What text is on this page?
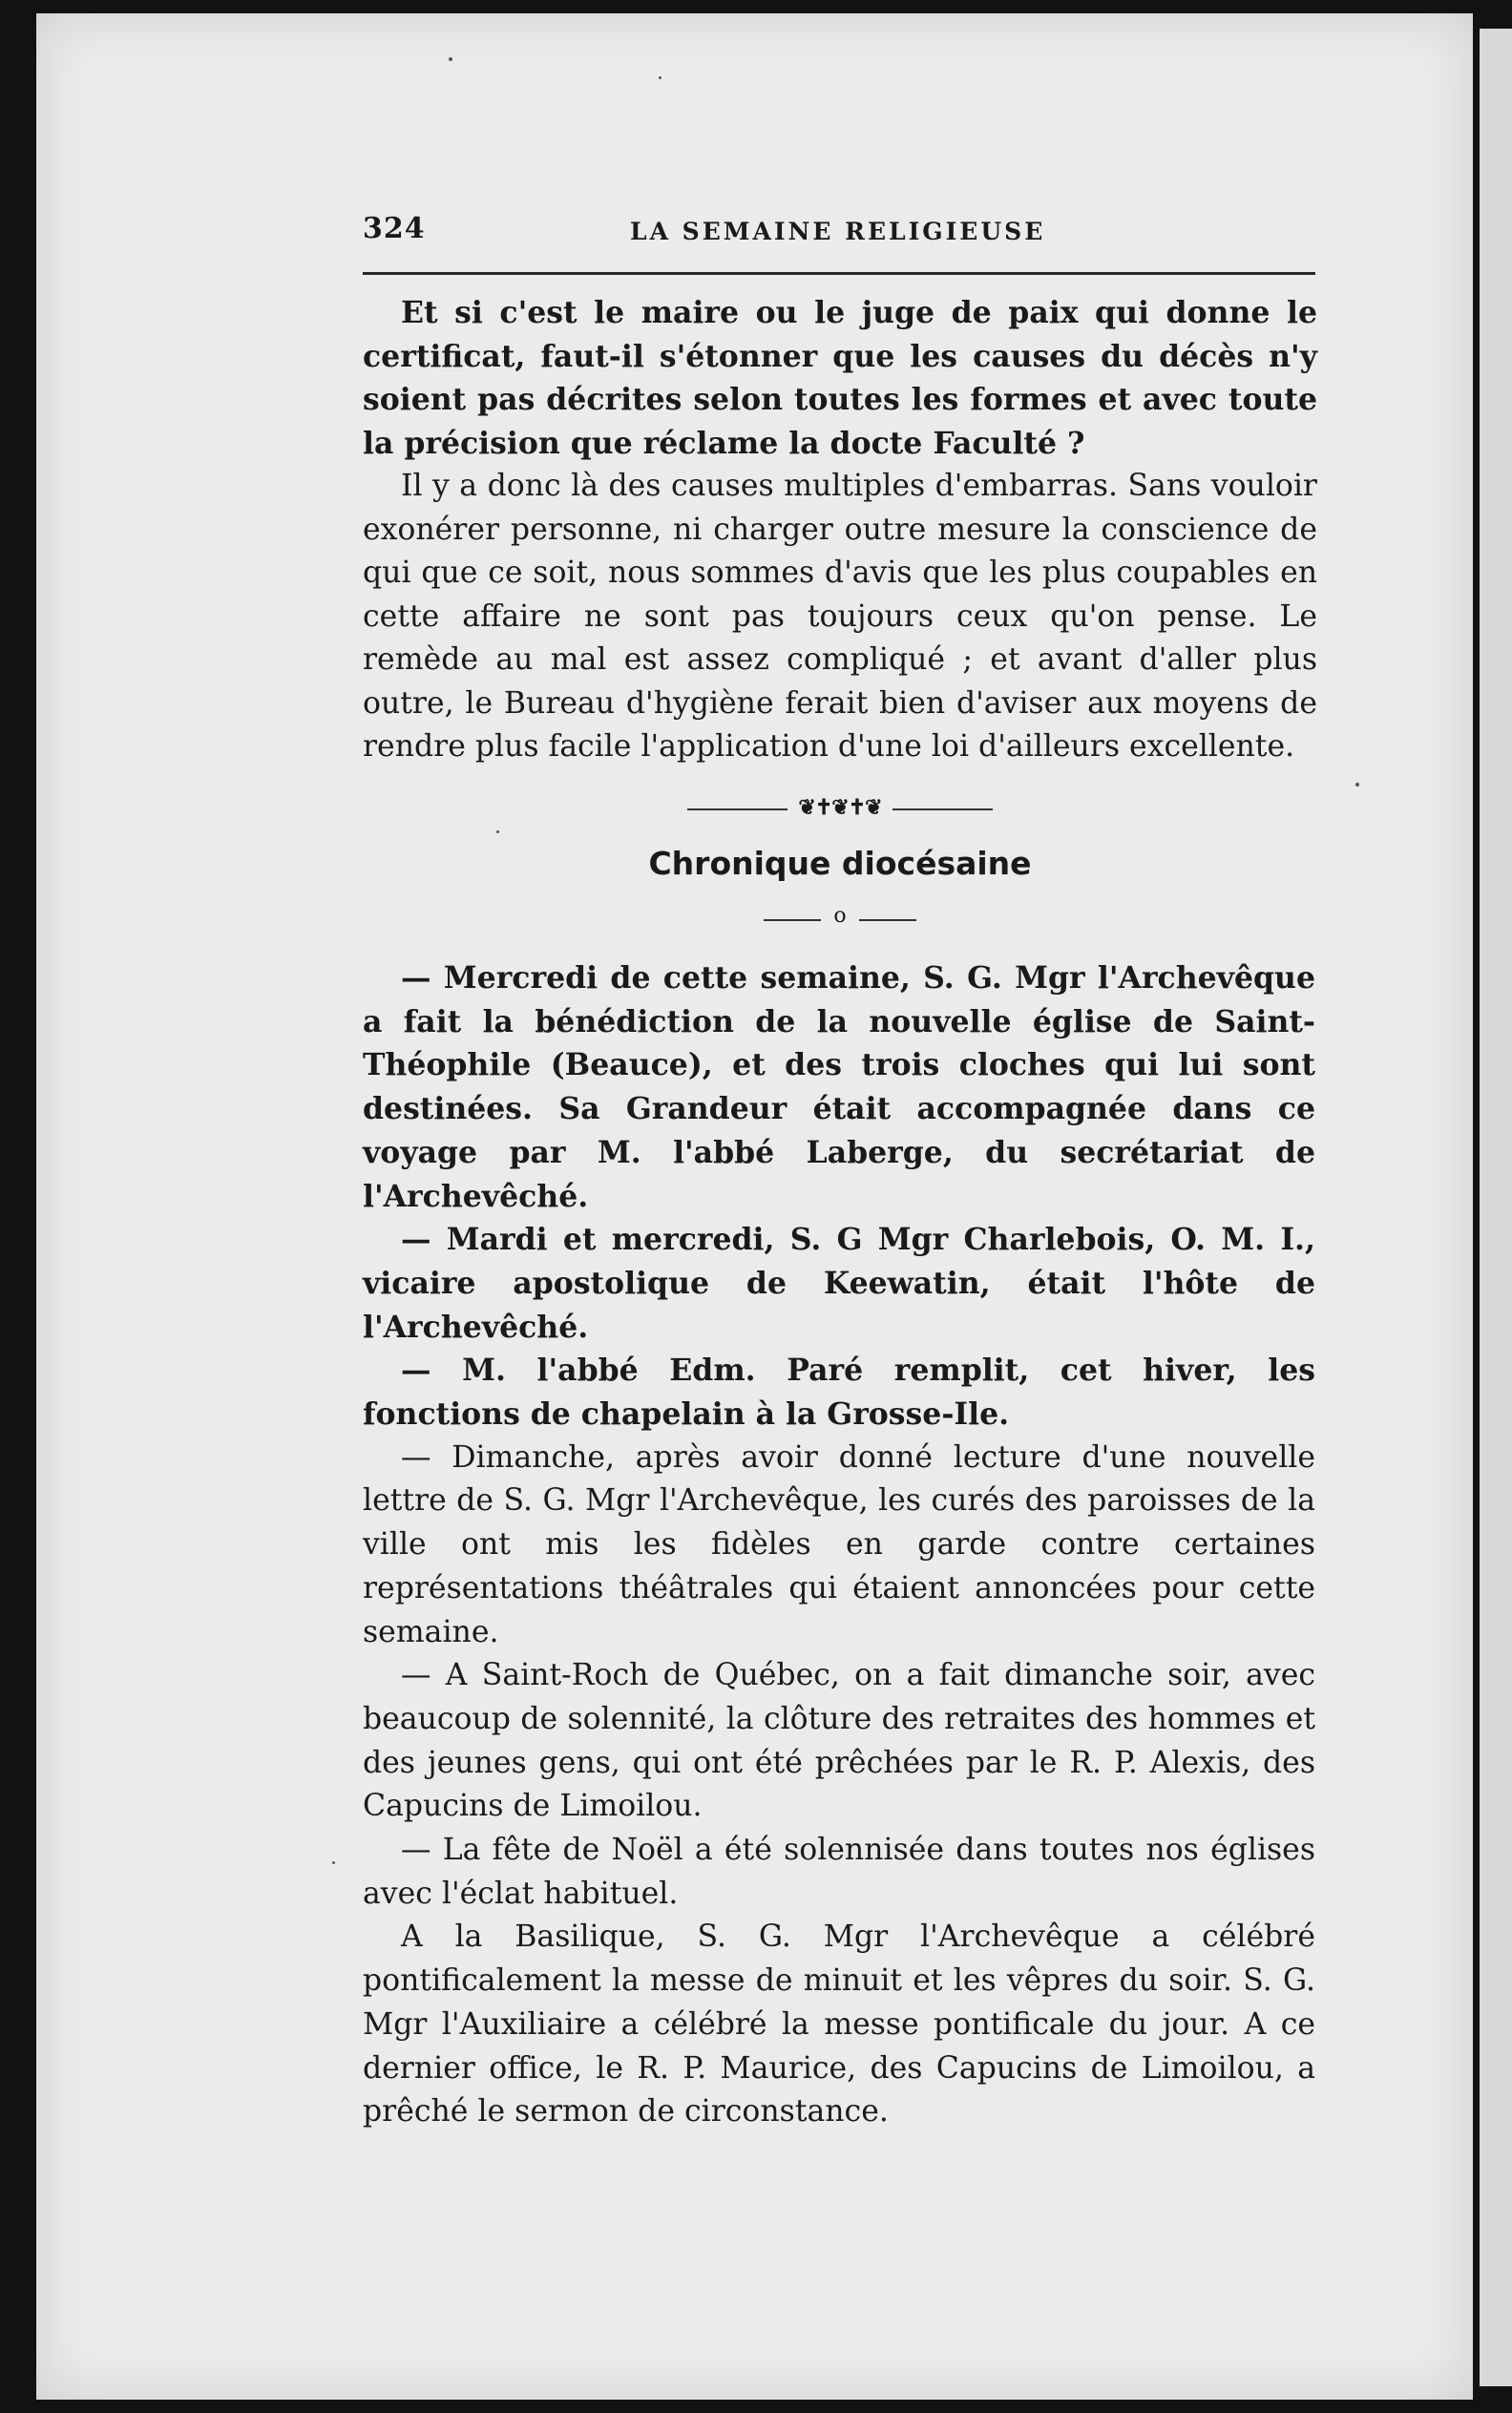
324	LA SEMAINE RELIGIEUSE

Et si c'est le maire ou le juge de paix qui donne le certificat, faut-il s'étonner que les causes du décès n'y soient pas décrites selon toutes les formes et avec toute la précision que réclame la docte Faculté ?

Il y a donc là des causes multiples d'embarras. Sans vouloir exonérer personne, ni charger outre mesure la conscience de qui que ce soit, nous sommes d'avis que les plus coupables en cette affaire ne sont pas toujours ceux qu'on pense. Le remède au mal est assez compliqué ; et avant d'aller plus outre, le Bureau d'hygiène ferait bien d'aviser aux moyens de rendre plus facile l'application d'une loi d'ailleurs excellente.

❦✝❦✝❦
Chronique diocésaine
o

— Mercredi de cette semaine, S. G. Mgr l'Archevêque a fait la bénédiction de la nouvelle église de Saint-Théophile (Beauce), et des trois cloches qui lui sont destinées. Sa Grandeur était accompagnée dans ce voyage par M. l'abbé Laberge, du secrétariat de l'Archevêché.

— Mardi et mercredi, S. G Mgr Charlebois, O. M. I., vicaire apostolique de Keewatin, était l'hôte de l'Archevêché.

— M. l'abbé Edm. Paré remplit, cet hiver, les fonctions de chapelain à la Grosse-Ile.

— Dimanche, après avoir donné lecture d'une nouvelle lettre de S. G. Mgr l'Archevêque, les curés des paroisses de la ville ont mis les fidèles en garde contre certaines représentations théâtrales qui étaient annoncées pour cette semaine.

— A Saint-Roch de Québec, on a fait dimanche soir, avec beaucoup de solennité, la clôture des retraites des hommes et des jeunes gens, qui ont été prêchées par le R. P. Alexis, des Capucins de Limoilou.

— La fête de Noël a été solennisée dans toutes nos églises avec l'éclat habituel.

A la Basilique, S. G. Mgr l'Archevêque a célébré pontificalement la messe de minuit et les vêpres du soir. S. G. Mgr l'Auxiliaire a célébré la messe pontificale du jour. A ce dernier office, le R. P. Maurice, des Capucins de Limoilou, a prêché le sermon de circonstance.
